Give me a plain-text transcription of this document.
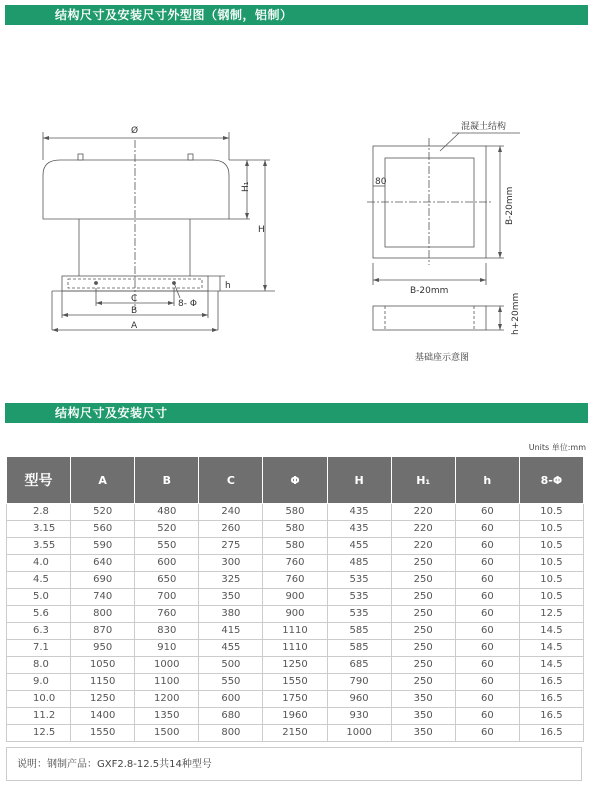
结构尺寸及安装尺寸外型图（钢制，铝制）
Ø
H₁
H
h
C
B
A
8- Φ
混凝土结构
80
B-20mm
B-20mm
h+20mm
基础座示意图
结构尺寸及安装尺寸
Units 单位:mm
型号	A	B	C	Φ	H	H₁	h	8-Φ
2.8	520	480	240	580	435	220	60	10.5
3.15	560	520	260	580	435	220	60	10.5
3.55	590	550	275	580	455	220	60	10.5
4.0	640	600	300	760	485	250	60	10.5
4.5	690	650	325	760	535	250	60	10.5
5.0	740	700	350	900	535	250	60	10.5
5.6	800	760	380	900	535	250	60	12.5
6.3	870	830	415	1110	585	250	60	14.5
7.1	950	910	455	1110	585	250	60	14.5
8.0	1050	1000	500	1250	685	250	60	14.5
9.0	1150	1100	550	1550	790	250	60	16.5
10.0	1250	1200	600	1750	960	350	60	16.5
11.2	1400	1350	680	1960	930	350	60	16.5
12.5	1550	1500	800	2150	1000	350	60	16.5
说明：钢制产品：GXF2.8-12.5共14种型号
